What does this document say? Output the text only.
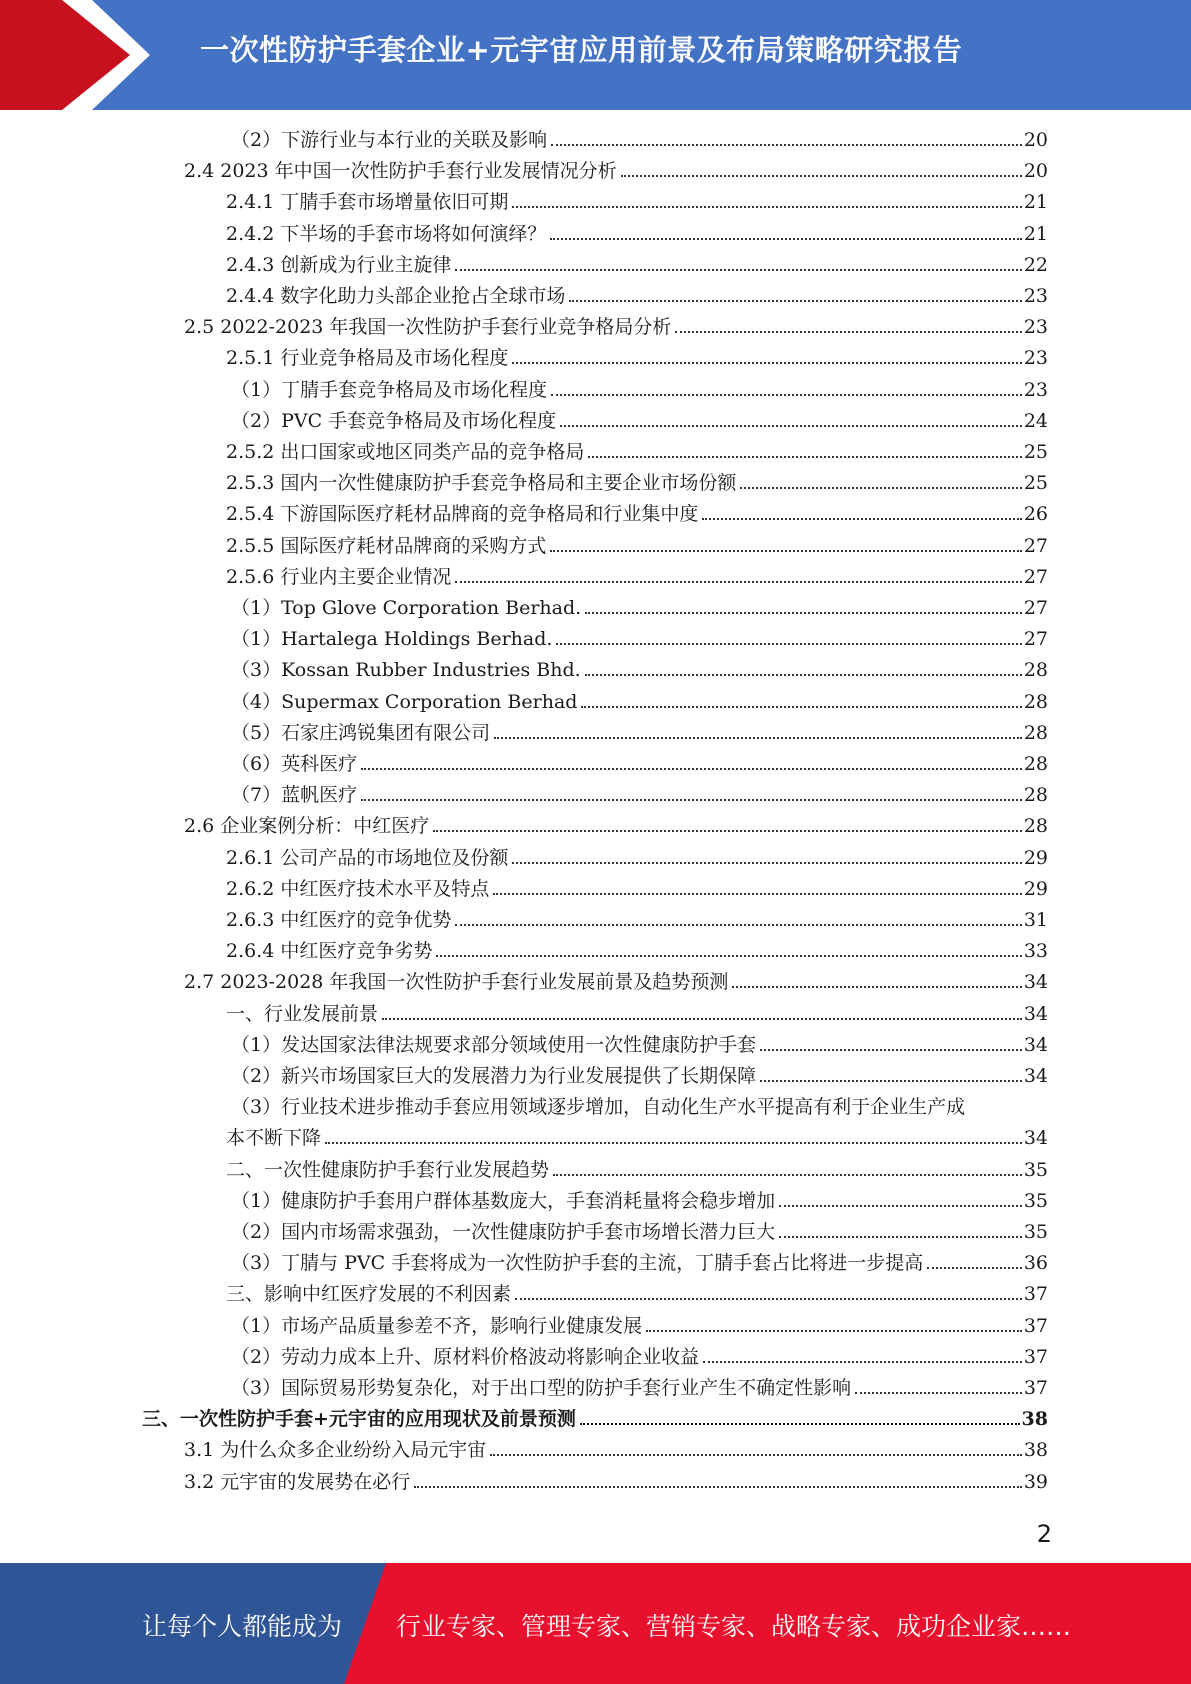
一次性防护手套企业+元宇宙应用前景及布局策略研究报告
（2）下游行业与本行业的关联及影响	20
2.4 2023 年中国一次性防护手套行业发展情况分析	20
2.4.1 丁腈手套市场增量依旧可期	21
2.4.2 下半场的手套市场将如何演绎？	21
2.4.3 创新成为行业主旋律	22
2.4.4 数字化助力头部企业抢占全球市场	23
2.5 2022-2023 年我国一次性防护手套行业竞争格局分析	23
2.5.1 行业竞争格局及市场化程度	23
（1）丁腈手套竞争格局及市场化程度	23
（2）PVC 手套竞争格局及市场化程度	24
2.5.2 出口国家或地区同类产品的竞争格局	25
2.5.3 国内一次性健康防护手套竞争格局和主要企业市场份额	25
2.5.4 下游国际医疗耗材品牌商的竞争格局和行业集中度	26
2.5.5 国际医疗耗材品牌商的采购方式	27
2.5.6 行业内主要企业情况	27
（1）Top Glove Corporation Berhad.	27
（1）Hartalega Holdings Berhad.	27
（3）Kossan Rubber Industries Bhd.	28
（4）Supermax Corporation Berhad	28
（5）石家庄鸿锐集团有限公司	28
（6）英科医疗	28
（7）蓝帆医疗	28
2.6 企业案例分析：中红医疗	28
2.6.1 公司产品的市场地位及份额	29
2.6.2 中红医疗技术水平及特点	29
2.6.3 中红医疗的竞争优势	31
2.6.4 中红医疗竞争劣势	33
2.7 2023-2028 年我国一次性防护手套行业发展前景及趋势预测	34
一、行业发展前景	34
（1）发达国家法律法规要求部分领域使用一次性健康防护手套	34
（2）新兴市场国家巨大的发展潜力为行业发展提供了长期保障	34
（3）行业技术进步推动手套应用领域逐步增加，自动化生产水平提高有利于企业生产成
本不断下降	34
二、一次性健康防护手套行业发展趋势	35
（1）健康防护手套用户群体基数庞大，手套消耗量将会稳步增加	35
（2）国内市场需求强劲，一次性健康防护手套市场增长潜力巨大	35
（3）丁腈与 PVC 手套将成为一次性防护手套的主流，丁腈手套占比将进一步提高	36
三、影响中红医疗发展的不利因素	37
（1）市场产品质量参差不齐，影响行业健康发展	37
（2）劳动力成本上升、原材料价格波动将影响企业收益	37
（3）国际贸易形势复杂化，对于出口型的防护手套行业产生不确定性影响	37
三、一次性防护手套+元宇宙的应用现状及前景预测	38
3.1 为什么众多企业纷纷入局元宇宙	38
3.2 元宇宙的发展势在必行	39
2
让每个人都能成为 行业专家、管理专家、营销专家、战略专家、成功企业家……
